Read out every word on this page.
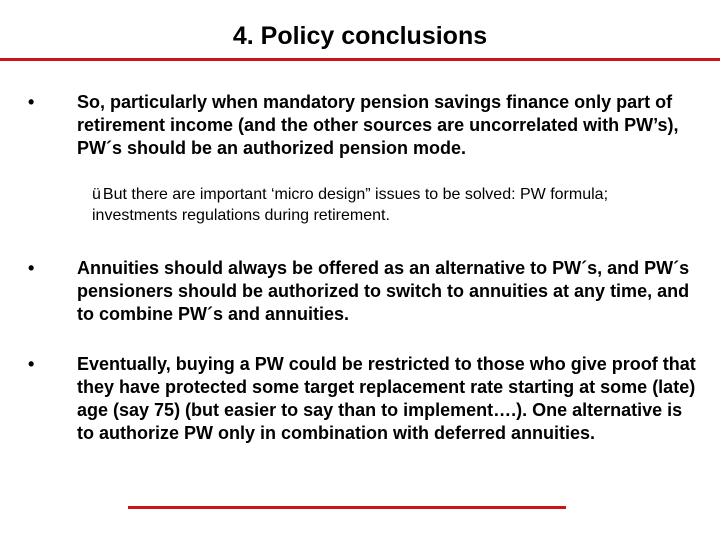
4. Policy conclusions
• So, particularly when mandatory pension savings finance only part of retirement income (and the other sources are uncorrelated with PW’s), PW´s should be an authorized pension mode.

ü But there are important ‘micro design” issues to be solved: PW formula; investments regulations during retirement.
• Annuities should always be offered as an alternative to PW´s, and PW´s pensioners should be authorized to switch to annuities at any time, and to combine PW´s and annuities.

• Eventually, buying a PW could be restricted to those who give proof that they have protected some target replacement rate starting at some (late) age (say 75) (but easier to say than to implement….). One alternative is to authorize PW only in combination with deferred annuities.
